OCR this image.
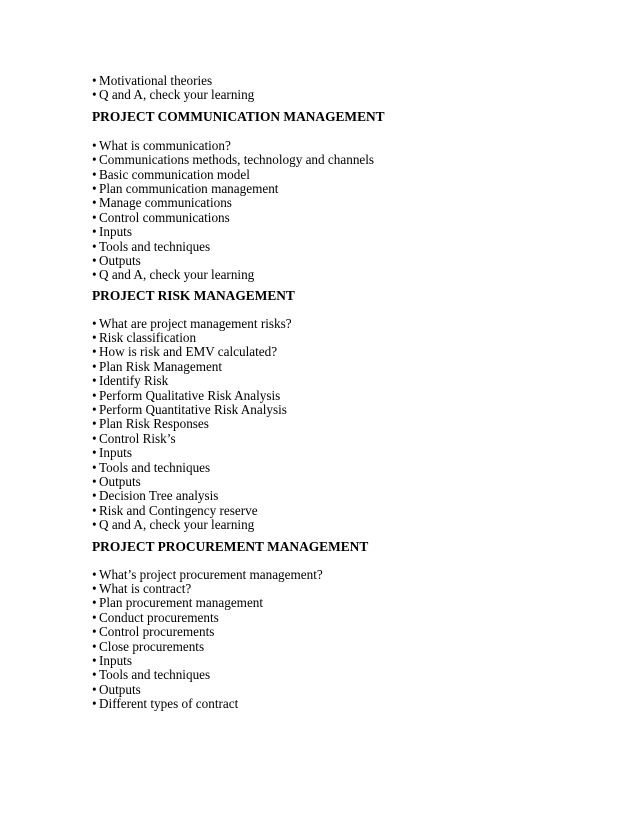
• Motivational theories
• Q and A, check your learning
PROJECT COMMUNICATION MANAGEMENT
• What is communication?
• Communications methods, technology and channels
• Basic communication model
• Plan communication management
• Manage communications
• Control communications
• Inputs
• Tools and techniques
• Outputs
• Q and A, check your learning
PROJECT RISK MANAGEMENT
• What are project management risks?
• Risk classification
• How is risk and EMV calculated?
• Plan Risk Management
• Identify Risk
• Perform Qualitative Risk Analysis
• Perform Quantitative Risk Analysis
• Plan Risk Responses
• Control Risk’s
• Inputs
• Tools and techniques
• Outputs
• Decision Tree analysis
• Risk and Contingency reserve
• Q and A, check your learning
PROJECT PROCUREMENT MANAGEMENT
• What’s project procurement management?
• What is contract?
• Plan procurement management
• Conduct procurements
• Control procurements
• Close procurements
• Inputs
• Tools and techniques
• Outputs
• Different types of contract
